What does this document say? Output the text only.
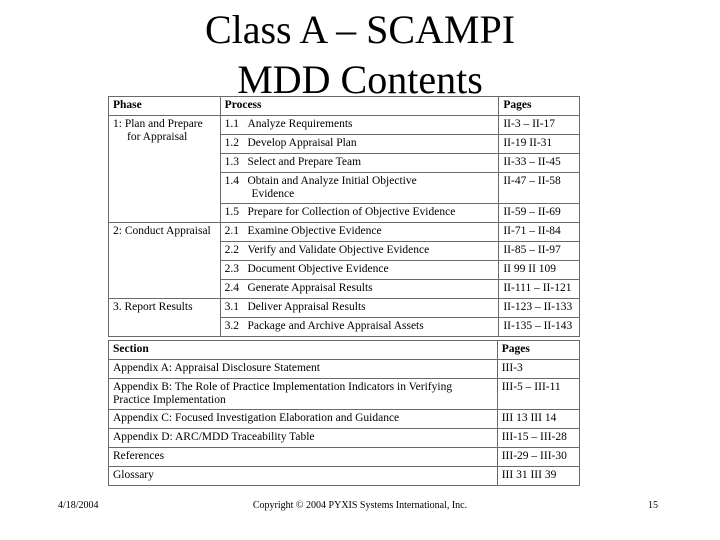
Class A – SCAMPI
MDD Contents
Phase	Process		Pages

1: Plan and Prepare
for Appraisal	1.1	Analyze Requirements	II-3 – II-17
	1.2	Develop Appraisal Plan	II-19 II-31
	1.3	Select and Prepare Team	II-33 – II-45
	1.4	Obtain and Analyze Initial Objective
Evidence	II-47 – II-58
	1.5	Prepare for Collection of Objective Evidence	II-59 – II-69

2: Conduct Appraisal	2.1	Examine Objective Evidence	II-71 – II-84
	2.2	Verify and Validate Objective Evidence	II-85 – II-97
	2.3	Document Objective Evidence	II 99 II 109
	2.4	Generate Appraisal Results	II-111 – II-121

3. Report Results	3.1	Deliver Appraisal Results	II-123 – II-133
	3.2	Package and Archive Appraisal Assets	II-135 – II-143
Section	Pages
Appendix A: Appraisal Disclosure Statement	III-3

Appendix B: The Role of Practice Implementation Indicators in Verifying
Practice Implementation	III-5 – III-11
Appendix C: Focused Investigation Elaboration and Guidance	III 13 III 14
Appendix D: ARC/MDD Traceability Table	III-15 – III-28
References	III-29 – III-30
Glossary	III 31 III 39
4/18/2004	Copyright © 2004 PYXIS Systems International, Inc.	15
